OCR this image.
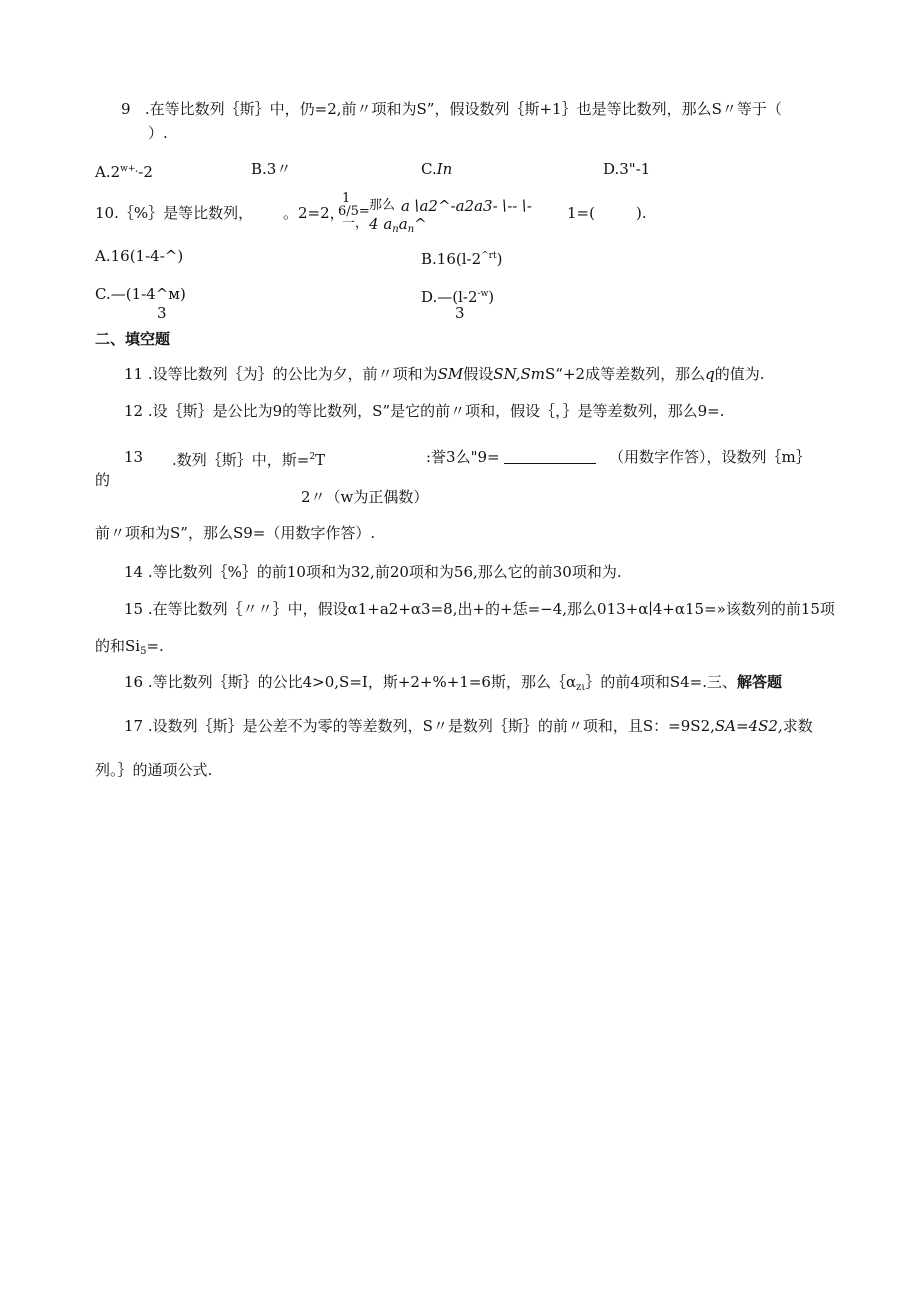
9 .在等比数列｛斯｝中，仍=2,前〃项和为S”，假设数列｛斯+1｝也是等比数列，那么S〃等于（
）.
$A.2^{w+,}-2$	B.3〃	C.In	D.3"-1
10.｛%｝是等比数列， 。2=2，
1
6/5= 那么 a∖a2^-a2a3-∖--∖- 1=(	).
一， 4 $a_na_n\^{}$
A.16(1-4-^)	$B.16(l-2^{\^{}rt})$
C.—(1-4^м)
3
$D.—(l-2^{-w})$
3
二、填空题
11 .设等比数列｛为｝的公比为夕，前〃项和为SM假设SN,SmS“+2成等差数列，那么q的值为.
12 .设｛斯｝是公比为9的等比数列，S”是它的前〃项和，假设｛，｝是等差数列，那么9=.
13 .数列｛斯｝中，斯=$^2$T	:誉3么"9=	（用数字作答），设数列｛m｝
的
2〃（w为正偶数）
前〃项和为S”，那么S9=（用数字作答）.
14 .等比数列｛%｝的前10项和为32,前20项和为56,那么它的前30项和为.
15 .在等比数列｛〃〃｝中，假设α1+a2+α3=8,出+的+恁=−4,那么013+α∣4+α15=»该数列的前15项
的和$Si_5=$.
16 .等比数列｛斯｝的公比4>0,S=I，斯+2+%+1=6斯，那么$\{\alpha_{z\iota}\}$的前4项和S4=.三、解答题
17 .设数列｛斯｝是公差不为零的等差数列，S〃是数列｛斯｝的前〃项和，且S：=9S2,SA=4S2,求数
列。｝的通项公式.
